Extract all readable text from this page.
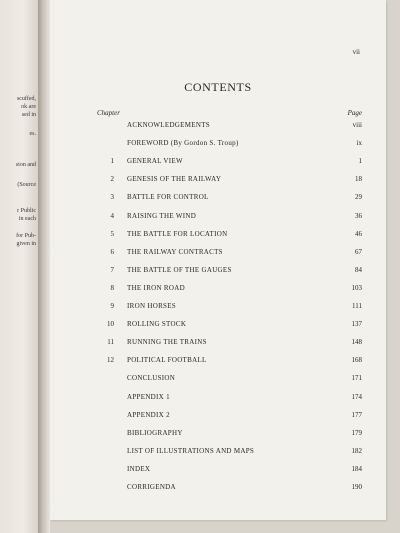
scuffed,
ok are
sed in
es.
sion and
(Source
r Public
in each
for Pub-
given in
vii
CONTENTS
Chapter	Page
ACKNOWLEDGEMENTS	viii
FOREWORD (By Gordon S. Troup)	ix
1 GENERAL VIEW	1
2 GENESIS OF THE RAILWAY	18
3 BATTLE FOR CONTROL	29
4 RAISING THE WIND	36
5 THE BATTLE FOR LOCATION	46
6 THE RAILWAY CONTRACTS	67
7 THE BATTLE OF THE GAUGES	84
8 THE IRON ROAD	103
9 IRON HORSES	111
10 ROLLING STOCK	137
11 RUNNING THE TRAINS	148
12 POLITICAL FOOTBALL	168
CONCLUSION	171
APPENDIX 1	174
APPENDIX 2	177
BIBLIOGRAPHY	179
LIST OF ILLUSTRATIONS AND MAPS	182
INDEX	184
CORRIGENDA	190
